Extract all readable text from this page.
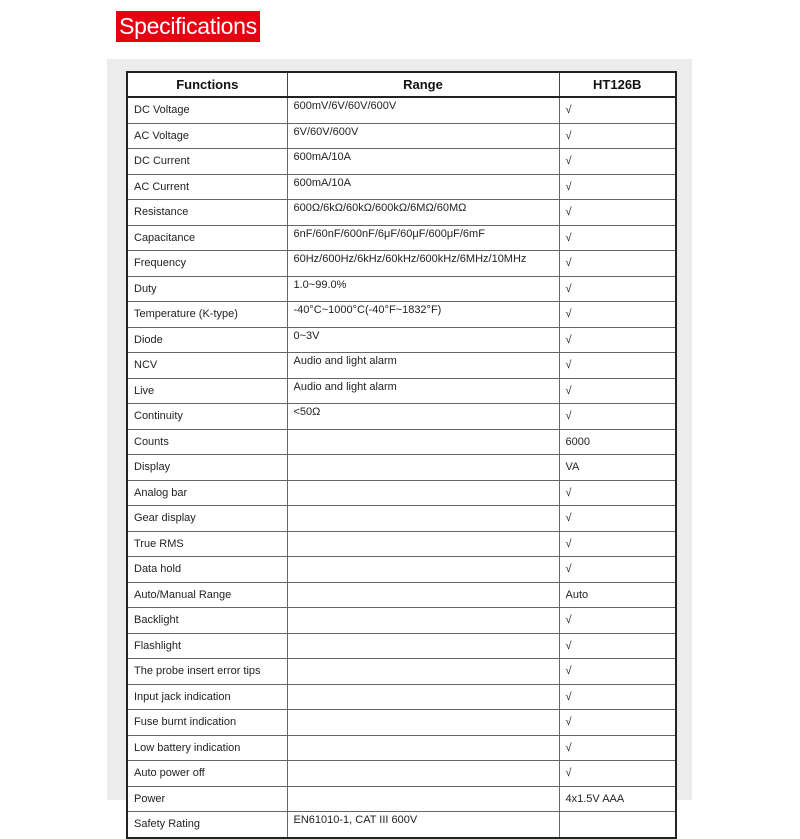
Specifications
Functions	Range	HT126B
DC Voltage	600mV/6V/60V/600V	√
AC Voltage	6V/60V/600V	√
DC Current	600mA/10A	√
AC Current	600mA/10A	√
Resistance	600Ω/6kΩ/60kΩ/600kΩ/6MΩ/60MΩ	√
Capacitance	6nF/60nF/600nF/6μF/60μF/600μF/6mF	√
Frequency	60Hz/600Hz/6kHz/60kHz/600kHz/6MHz/10MHz	√
Duty	1.0~99.0%	√
Temperature (K-type)	-40°C~1000°C(-40°F~1832°F)	√
Diode	0~3V	√
NCV	Audio and light alarm	√
Live	Audio and light alarm	√
Continuity	<50Ω	√
Counts		6000
Display		VA
Analog bar		√
Gear display		√
True RMS		√
Data hold		√
Auto/Manual Range		Auto
Backlight		√
Flashlight		√
The probe insert error tips		√
Input jack indication		√
Fuse burnt indication		√
Low battery indication		√
Auto power off		√
Power		4x1.5V AAA
Safety Rating	EN61010-1, CAT III 600V	
